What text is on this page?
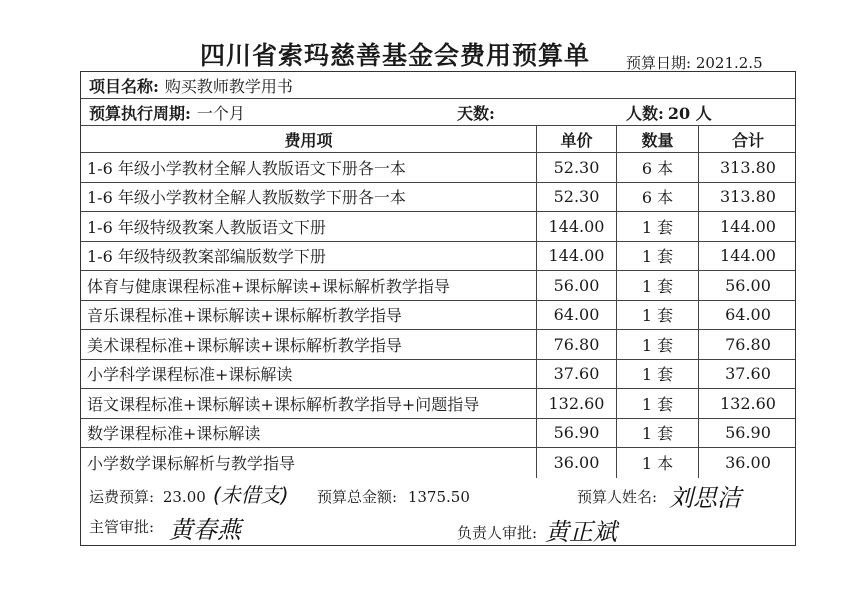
四川省索玛慈善基金会费用预算单 预算日期: 2021.2.5
项目名称: 购买教师教学用书
预算执行周期: 一个月	天数:	人数: 20 人
费用项	单价	数量	合计
1-6 年级小学教材全解人教版语文下册各一本	52.30	6 本	313.80
1-6 年级小学教材全解人教版数学下册各一本	52.30	6 本	313.80
1-6 年级特级教案人教版语文下册	144.00	1 套	144.00
1-6 年级特级教案部编版数学下册	144.00	1 套	144.00
体育与健康课程标准+课标解读+课标解析教学指导	56.00	1 套	56.00
音乐课程标准+课标解读+课标解析教学指导	64.00	1 套	64.00
美术课程标准+课标解读+课标解析教学指导	76.80	1 套	76.80
小学科学课程标准+课标解读	37.60	1 套	37.60
语文课程标准+课标解读+课标解析教学指导+问题指导	132.60	1 套	132.60
数学课程标准+课标解读	56.90	1 套	56.90
小学数学课标解析与教学指导	36.00	1 本	36.00
运费预算: 23.00 (未借支) 预算总金额: 1375.50	预算人姓名: 刘思洁
主管审批: 黄春燕	负责人审批: 黄正斌
